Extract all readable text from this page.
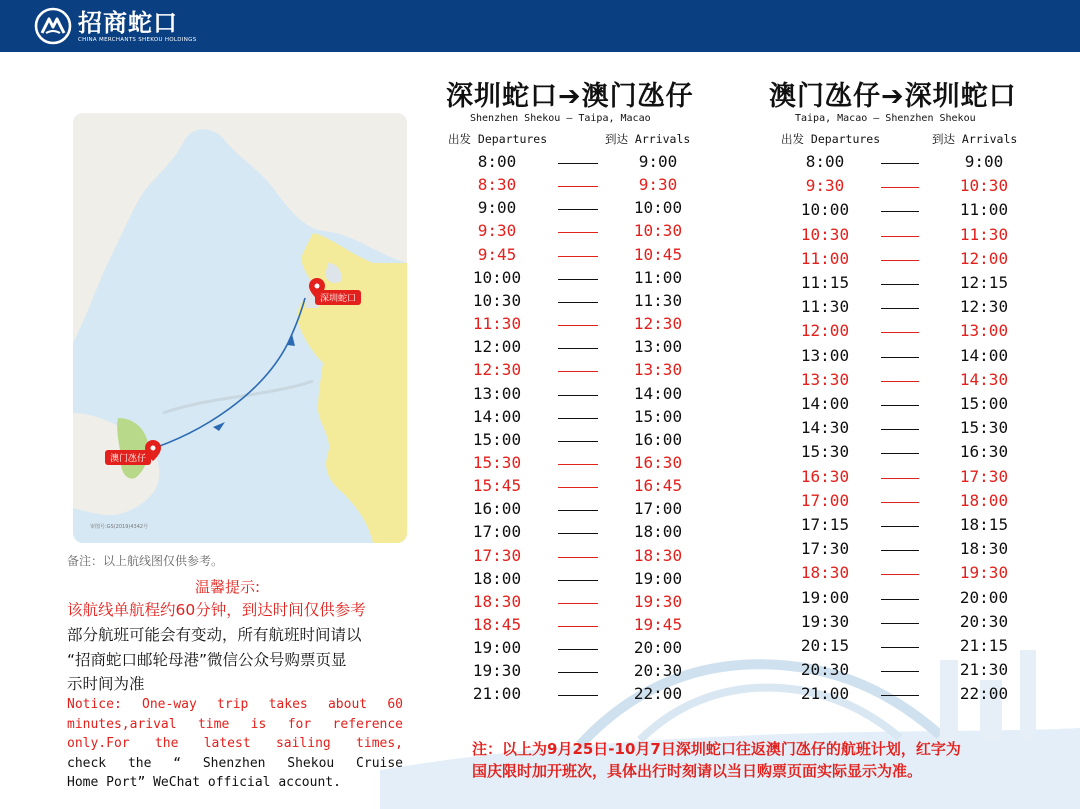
招商蛇口
CHINA MERCHANTS SHEKOU HOLDINGS
深圳蛇口
澳门氹仔
审图号:GS(2019)4342号
备注：以上航线图仅供参考。
温馨提示:
该航线单航程约60分钟，到达时间仅供参考
部分航班可能会有变动，所有航班时间请以
“招商蛇口邮轮母港”微信公众号购票页显
示时间为准
Notice: One-way trip takes about 60
minutes,arival time is for reference
only.For the latest sailing times,
check the “ Shenzhen Shekou Cruise
Home Port” WeChat official account.
深圳蛇口➔澳门氹仔
Shenzhen Shekou – Taipa, Macao
出发 Departures	到达 Arrivals
8:00	9:00
8:30	9:30
9:00	10:00
9:30	10:30
9:45	10:45
10:00	11:00
10:30	11:30
11:30	12:30
12:00	13:00
12:30	13:30
13:00	14:00
14:00	15:00
15:00	16:00
15:30	16:30
15:45	16:45
16:00	17:00
17:00	18:00
17:30	18:30
18:00	19:00
18:30	19:30
18:45	19:45
19:00	20:00
19:30	20:30
21:00	22:00
澳门氹仔➔深圳蛇口
Taipa, Macao – Shenzhen Shekou
出发 Departures	到达 Arrivals
8:00	9:00
9:30	10:30
10:00	11:00
10:30	11:30
11:00	12:00
11:15	12:15
11:30	12:30
12:00	13:00
13:00	14:00
13:30	14:30
14:00	15:00
14:30	15:30
15:30	16:30
16:30	17:30
17:00	18:00
17:15	18:15
17:30	18:30
18:30	19:30
19:00	20:00
19:30	20:30
20:15	21:15
20:30	21:30
21:00	22:00
注：以上为9月25日-10月7日深圳蛇口往返澳门氹仔的航班计划，红字为
国庆限时加开班次，具体出行时刻请以当日购票页面实际显示为准。
